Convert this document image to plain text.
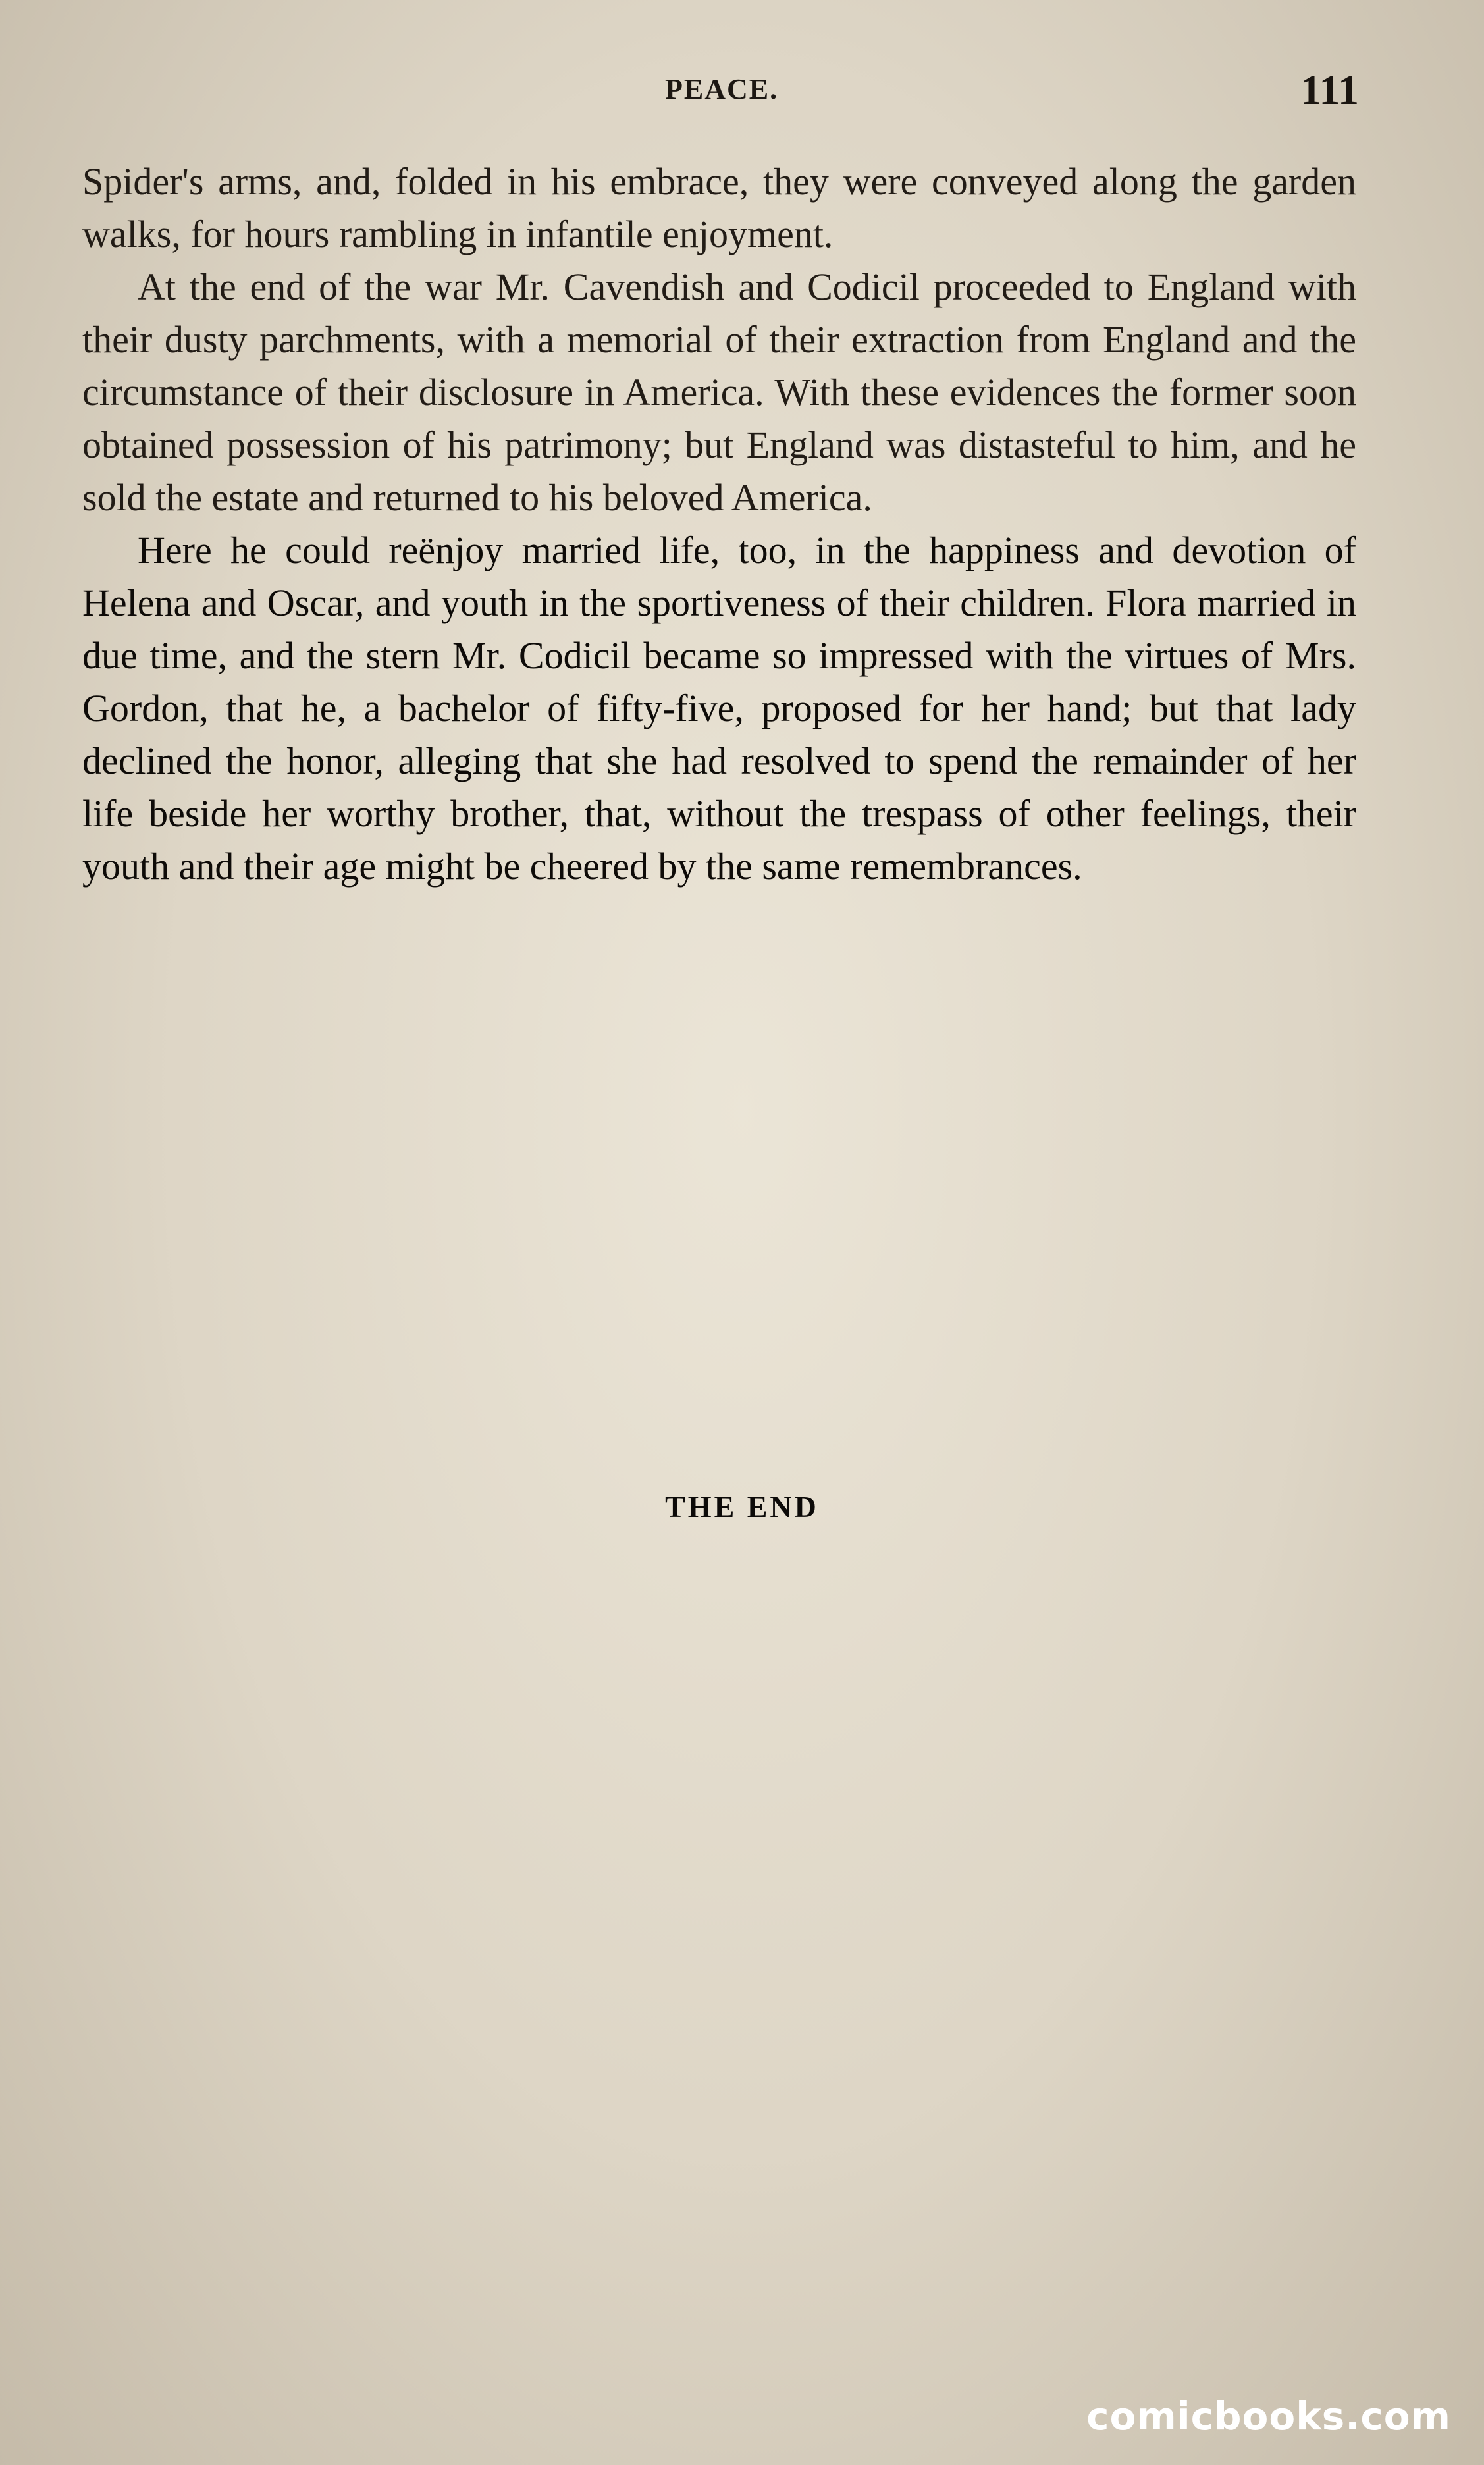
PEACE.	111

Spider's arms, and, folded in his embrace, they were conveyed along the garden walks, for hours rambling in infantile enjoyment.

At the end of the war Mr. Cavendish and Codicil proceeded to England with their dusty parchments, with a memorial of their extraction from England and the circumstance of their disclosure in America. With these evidences the former soon obtained possession of his patrimony; but England was distasteful to him, and he sold the estate and returned to his beloved America.

Here he could reënjoy married life, too, in the happiness and devotion of Helena and Oscar, and youth in the sportiveness of their children. Flora married in due time, and the stern Mr. Codicil became so impressed with the virtues of Mrs. Gordon, that he, a bachelor of fifty-five, proposed for her hand; but that lady declined the honor, alleging that she had resolved to spend the remainder of her life beside her worthy brother, that, without the trespass of other feelings, their youth and their age might be cheered by the same remembrances.

THE END
comicbooks.com
